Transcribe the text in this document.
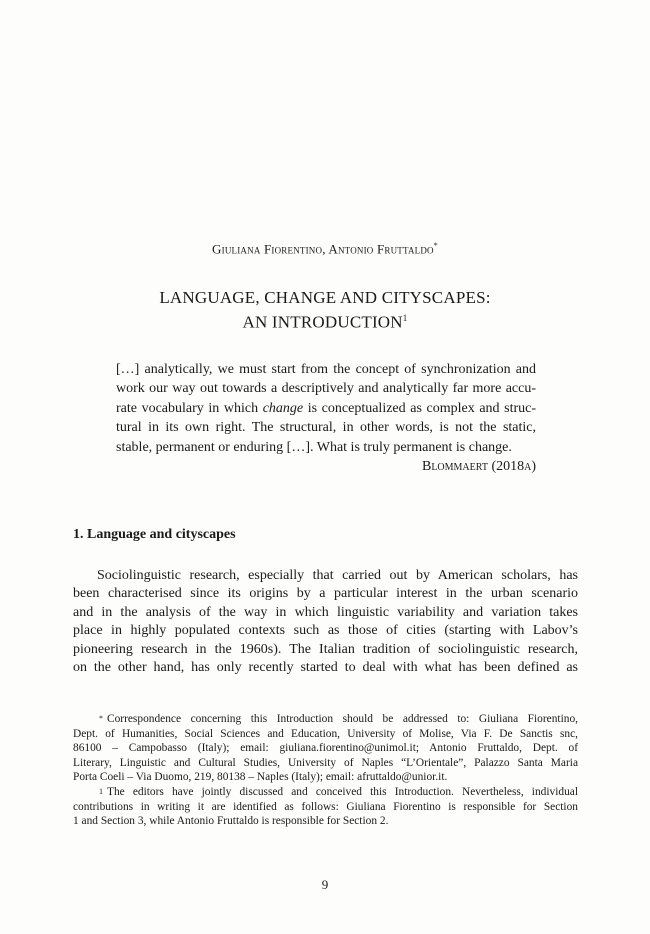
Giuliana Fiorentino, Antonio Fruttaldo*
LANGUAGE, CHANGE AND CITYSCAPES:
AN INTRODUCTION$^1$
[…] analytically, we must start from the concept of synchronization and
work our way out towards a descriptively and analytically far more accu-
rate vocabulary in which change is conceptualized as complex and struc-
tural in its own right. The structural, in other words, is not the static,
stable, permanent or enduring […]. What is truly permanent is change.
Blommaert (2018a)
1. Language and cityscapes
Sociolinguistic research, especially that carried out by American scholars, has
been characterised since its origins by a particular interest in the urban scenario
and in the analysis of the way in which linguistic variability and variation takes
place in highly populated contexts such as those of cities (starting with Labov’s
pioneering research in the 1960s). The Italian tradition of sociolinguistic research,
on the other hand, has only recently started to deal with what has been defined as
* Correspondence concerning this Introduction should be addressed to: Giuliana Fiorentino,
Dept. of Humanities, Social Sciences and Education, University of Molise, Via F. De Sanctis snc,
86100 – Campobasso (Italy); email: giuliana.fiorentino@unimol.it; Antonio Fruttaldo, Dept. of
Literary, Linguistic and Cultural Studies, University of Naples “L’Orientale”, Palazzo Santa Maria
Porta Coeli – Via Duomo, 219, 80138 – Naples (Italy); email: afruttaldo@unior.it.
$^1$ The editors have jointly discussed and conceived this Introduction. Nevertheless, individual
contributions in writing it are identified as follows: Giuliana Fiorentino is responsible for Section
1 and Section 3, while Antonio Fruttaldo is responsible for Section 2.
9
